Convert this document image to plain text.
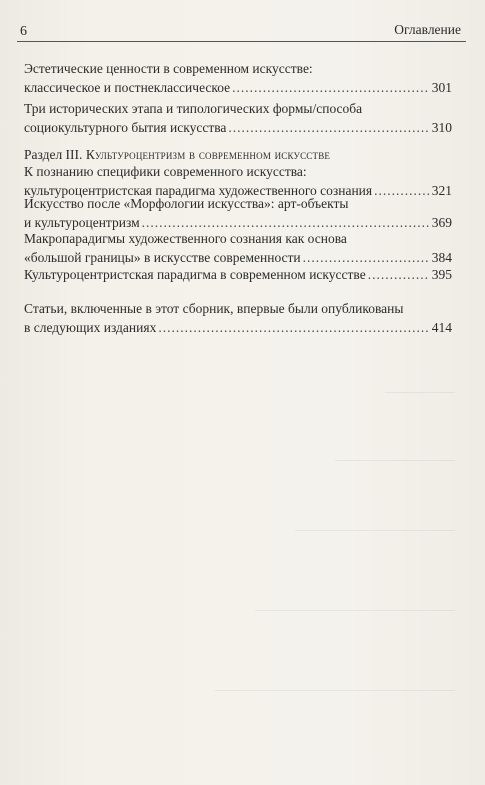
6	Оглавление
Эстетические ценности в современном искусстве:
классическое и постнеклассическое .....	301
Три исторических этапа и типологических формы/способа
социокультурного бытия искусства .....	310
Раздел III. Культуроцентризм в современном искусстве
К познанию специфики современного искусства:
культуроцентристская парадигма художественного сознания .....	321
Искусство после «Морфологии искусства»: арт-объекты
и культуроцентризм .....	369
Макропарадигмы художественного сознания как основа
«большой границы» в искусстве современности .....	384
Культуроцентристская парадигма в современном искусстве .....	395
Статьи, включенные в этот сборник, впервые были опубликованы
в следующих изданиях .....	414
